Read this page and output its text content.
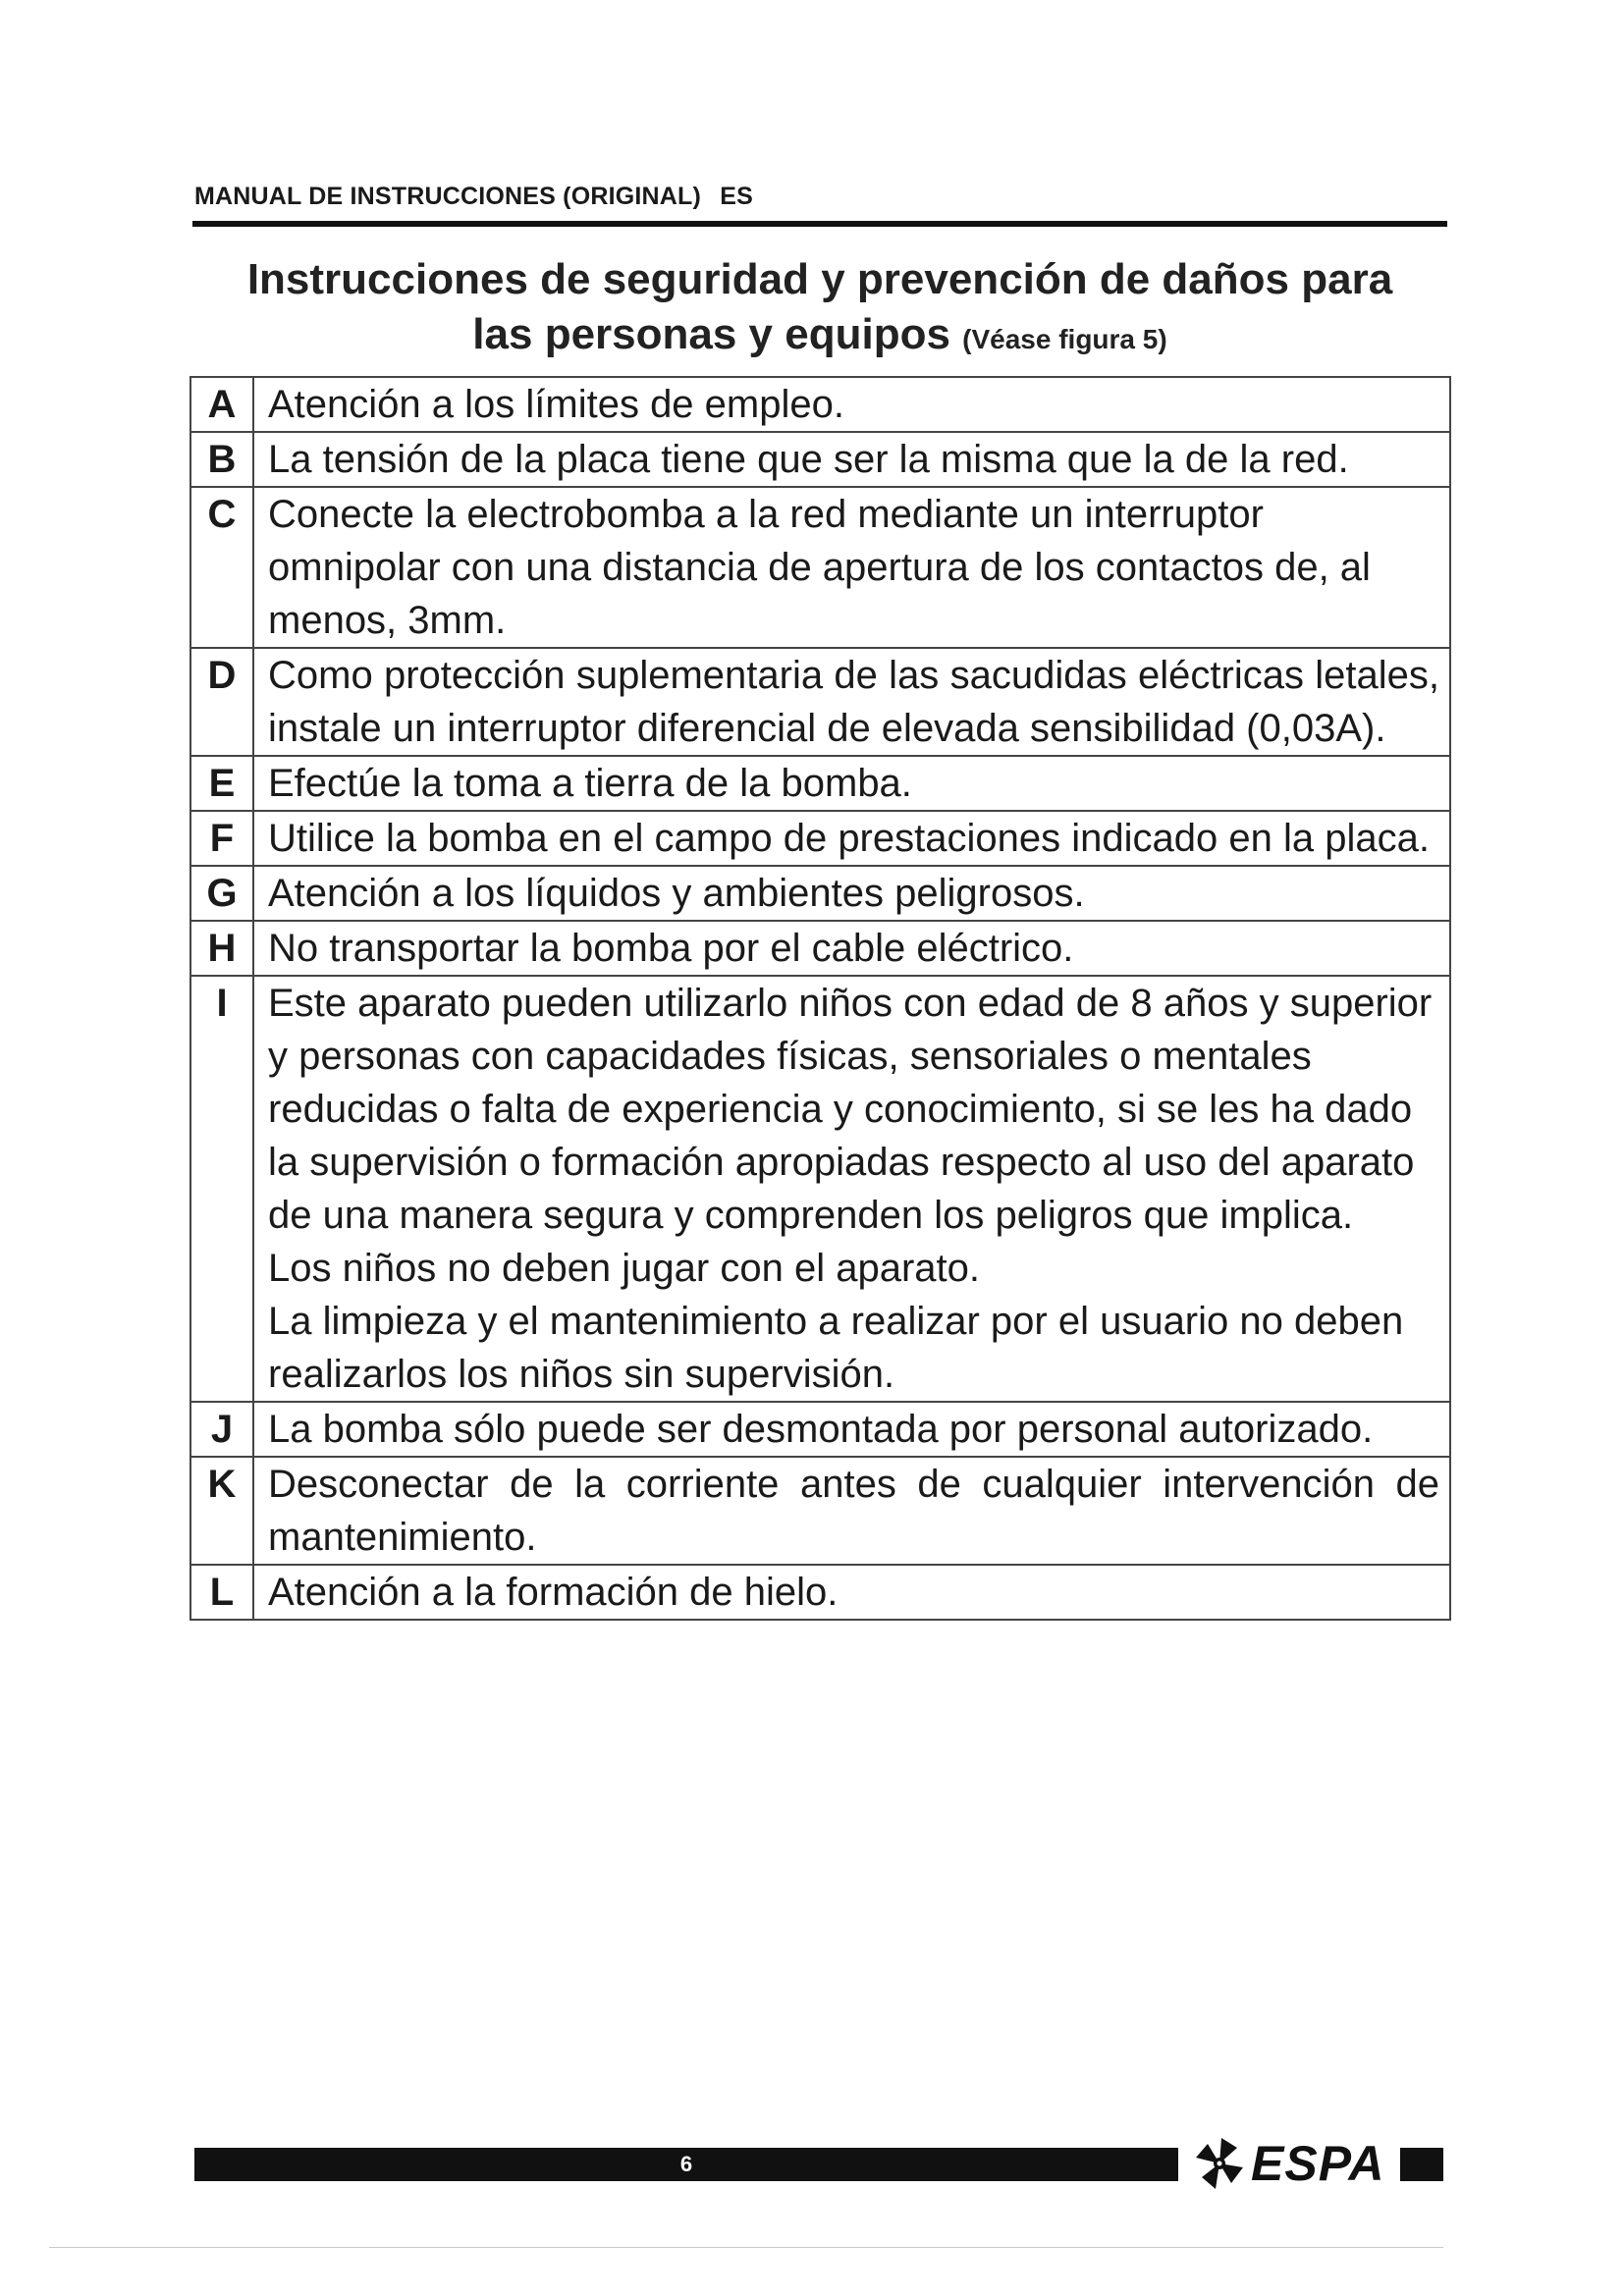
MANUAL DE INSTRUCCIONES (ORIGINAL) ES
Instrucciones de seguridad y prevención de daños para
las personas y equipos (Véase figura 5)
A	Atención a los límites de empleo.

B	La tensión de la placa tiene que ser la misma que la de la red.

C	Conecte la electrobomba a la red mediante un interruptor omnipolar con una distancia de apertura de los contactos de, al menos, 3mm.

D	Como protección suplementaria de las sacudidas eléctricas letales, instale un interruptor diferencial de elevada sensibilidad (0,03A).

E	Efectúe la toma a tierra de la bomba.

F	Utilice la bomba en el campo de prestaciones indicado en la placa.

G	Atención a los líquidos y ambientes peligrosos.

H	No transportar la bomba por el cable eléctrico.

I	Este aparato pueden utilizarlo niños con edad de 8 años y superior y personas con capacidades físicas, sensoriales o mentales reducidas o falta de experiencia y conocimiento, si se les ha dado la supervisión o formación apropiadas respecto al uso del aparato de una manera segura y comprenden los peligros que implica.
Los niños no deben jugar con el aparato.
La limpieza y el mantenimiento a realizar por el usuario no deben realizarlos los niños sin supervisión.

J	La bomba sólo puede ser desmontada por personal autorizado.

K	Desconectar de la corriente antes de cualquier intervención de mantenimiento.

L	Atención a la formación de hielo.
6	ESPA
